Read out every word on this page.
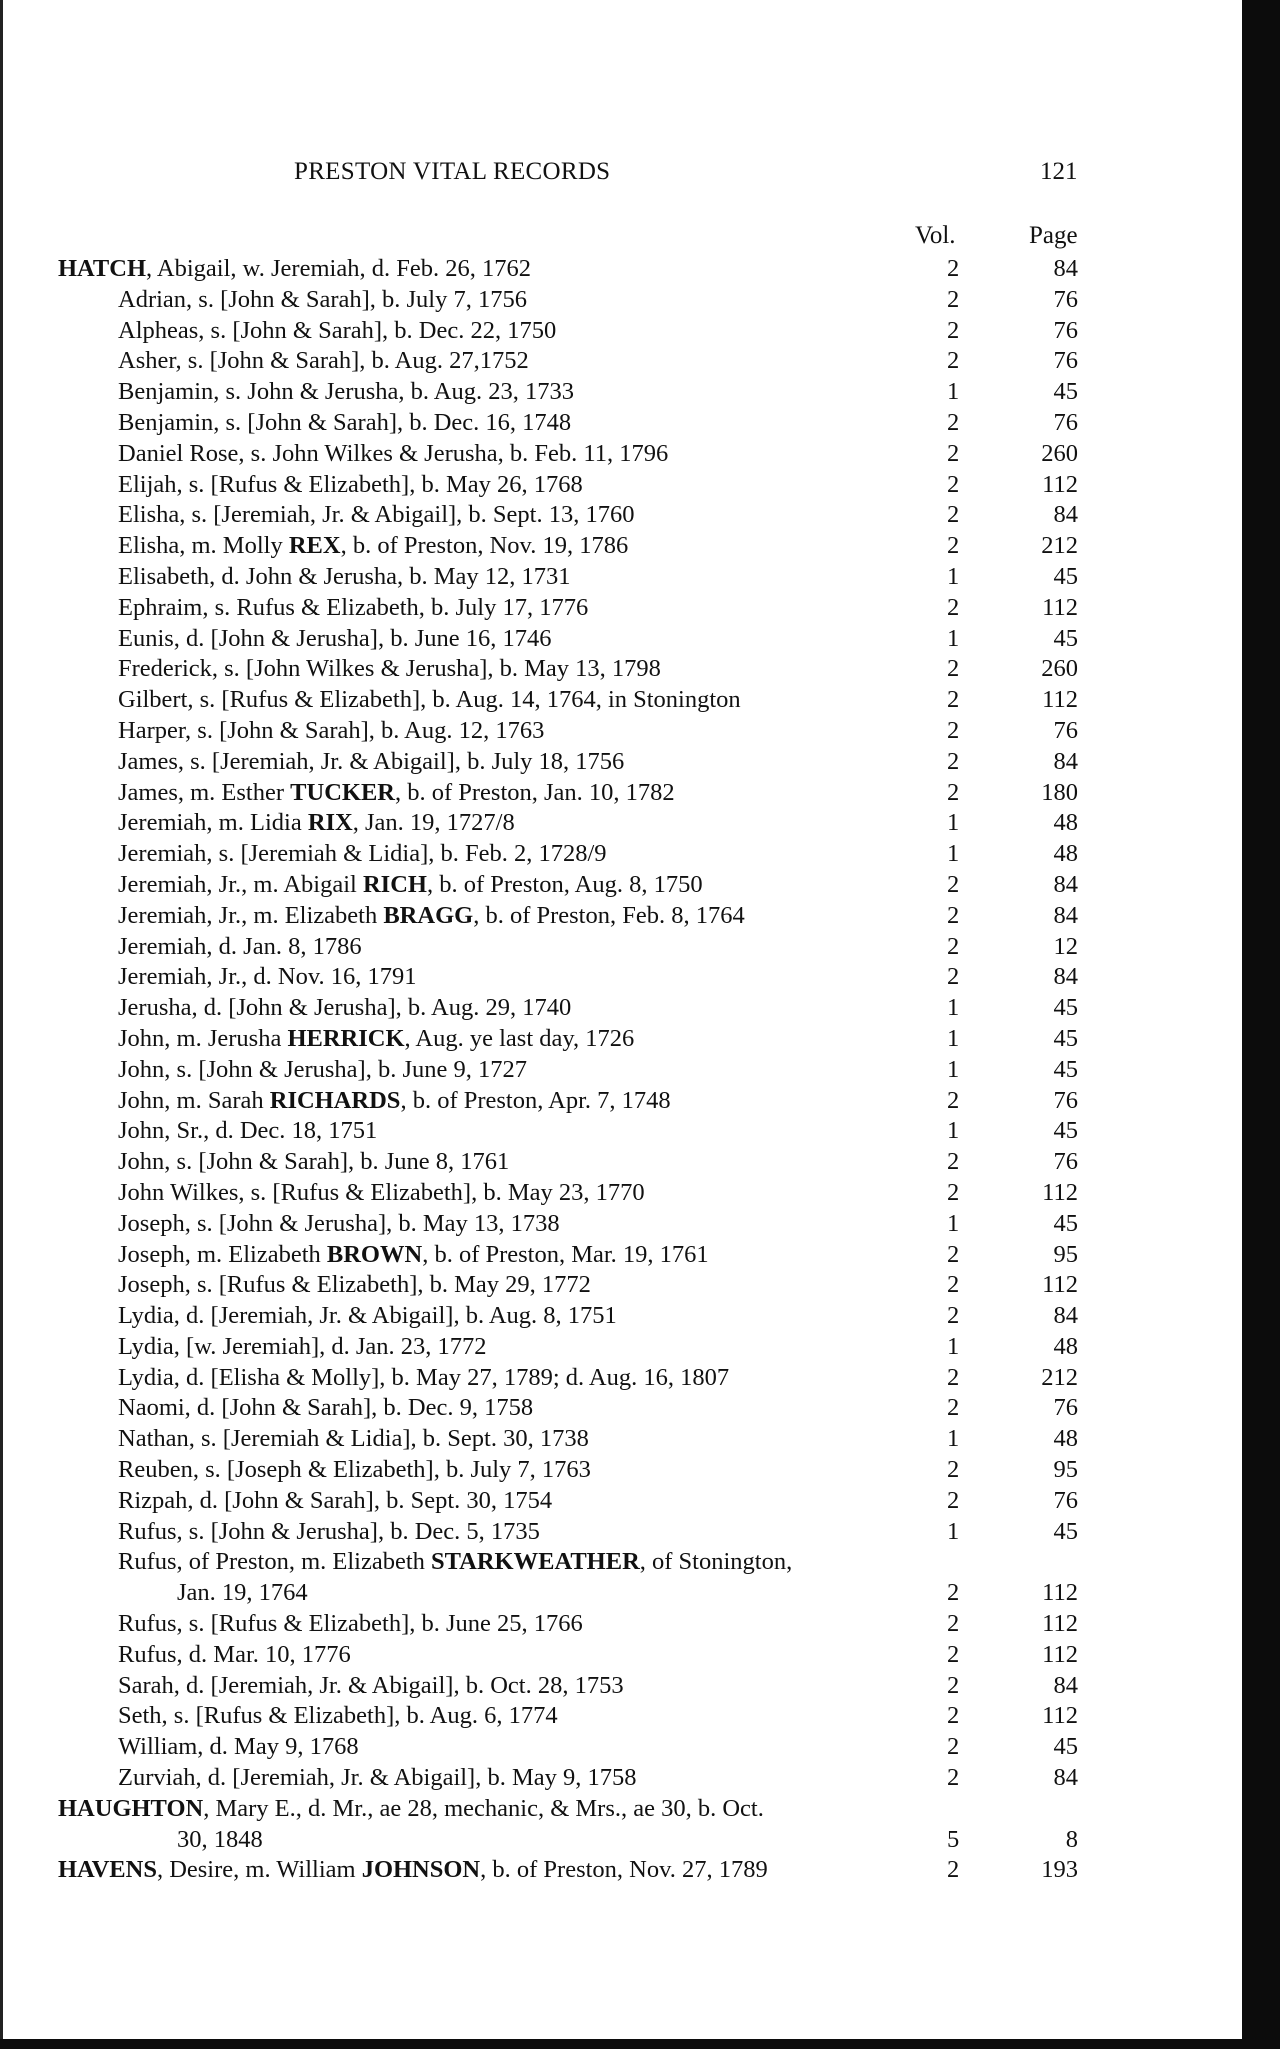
PRESTON VITAL RECORDS	121
Vol.	Page
HATCH, Abigail, w. Jeremiah, d. Feb. 26, 1762	2	84
Adrian, s. [John & Sarah], b. July 7, 1756	2	76
Alpheas, s. [John & Sarah], b. Dec. 22, 1750	2	76
Asher, s. [John & Sarah], b. Aug. 27,1752	2	76
Benjamin, s. John & Jerusha, b. Aug. 23, 1733	1	45
Benjamin, s. [John & Sarah], b. Dec. 16, 1748	2	76
Daniel Rose, s. John Wilkes & Jerusha, b. Feb. 11, 1796	2	260
Elijah, s. [Rufus & Elizabeth], b. May 26, 1768	2	112
Elisha, s. [Jeremiah, Jr. & Abigail], b. Sept. 13, 1760	2	84
Elisha, m. Molly REX, b. of Preston, Nov. 19, 1786	2	212
Elisabeth, d. John & Jerusha, b. May 12, 1731	1	45
Ephraim, s. Rufus & Elizabeth, b. July 17, 1776	2	112
Eunis, d. [John & Jerusha], b. June 16, 1746	1	45
Frederick, s. [John Wilkes & Jerusha], b. May 13, 1798	2	260
Gilbert, s. [Rufus & Elizabeth], b. Aug. 14, 1764, in Stonington	2	112
Harper, s. [John & Sarah], b. Aug. 12, 1763	2	76
James, s. [Jeremiah, Jr. & Abigail], b. July 18, 1756	2	84
James, m. Esther TUCKER, b. of Preston, Jan. 10, 1782	2	180
Jeremiah, m. Lidia RIX, Jan. 19, 1727/8	1	48
Jeremiah, s. [Jeremiah & Lidia], b. Feb. 2, 1728/9	1	48
Jeremiah, Jr., m. Abigail RICH, b. of Preston, Aug. 8, 1750	2	84
Jeremiah, Jr., m. Elizabeth BRAGG, b. of Preston, Feb. 8, 1764	2	84
Jeremiah, d. Jan. 8, 1786	2	12
Jeremiah, Jr., d. Nov. 16, 1791	2	84
Jerusha, d. [John & Jerusha], b. Aug. 29, 1740	1	45
John, m. Jerusha HERRICK, Aug. ye last day, 1726	1	45
John, s. [John & Jerusha], b. June 9, 1727	1	45
John, m. Sarah RICHARDS, b. of Preston, Apr. 7, 1748	2	76
John, Sr., d. Dec. 18, 1751	1	45
John, s. [John & Sarah], b. June 8, 1761	2	76
John Wilkes, s. [Rufus & Elizabeth], b. May 23, 1770	2	112
Joseph, s. [John & Jerusha], b. May 13, 1738	1	45
Joseph, m. Elizabeth BROWN, b. of Preston, Mar. 19, 1761	2	95
Joseph, s. [Rufus & Elizabeth], b. May 29, 1772	2	112
Lydia, d. [Jeremiah, Jr. & Abigail], b. Aug. 8, 1751	2	84
Lydia, [w. Jeremiah], d. Jan. 23, 1772	1	48
Lydia, d. [Elisha & Molly], b. May 27, 1789; d. Aug. 16, 1807	2	212
Naomi, d. [John & Sarah], b. Dec. 9, 1758	2	76
Nathan, s. [Jeremiah & Lidia], b. Sept. 30, 1738	1	48
Reuben, s. [Joseph & Elizabeth], b. July 7, 1763	2	95
Rizpah, d. [John & Sarah], b. Sept. 30, 1754	2	76
Rufus, s. [John & Jerusha], b. Dec. 5, 1735	1	45
Rufus, of Preston, m. Elizabeth STARKWEATHER, of Stonington,
Jan. 19, 1764	2	112
Rufus, s. [Rufus & Elizabeth], b. June 25, 1766	2	112
Rufus, d. Mar. 10, 1776	2	112
Sarah, d. [Jeremiah, Jr. & Abigail], b. Oct. 28, 1753	2	84
Seth, s. [Rufus & Elizabeth], b. Aug. 6, 1774	2	112
William, d. May 9, 1768	2	45
Zurviah, d. [Jeremiah, Jr. & Abigail], b. May 9, 1758	2	84
HAUGHTON, Mary E., d. Mr., ae 28, mechanic, & Mrs., ae 30, b. Oct.
30, 1848	5	8
HAVENS, Desire, m. William JOHNSON, b. of Preston, Nov. 27, 1789	2	193
